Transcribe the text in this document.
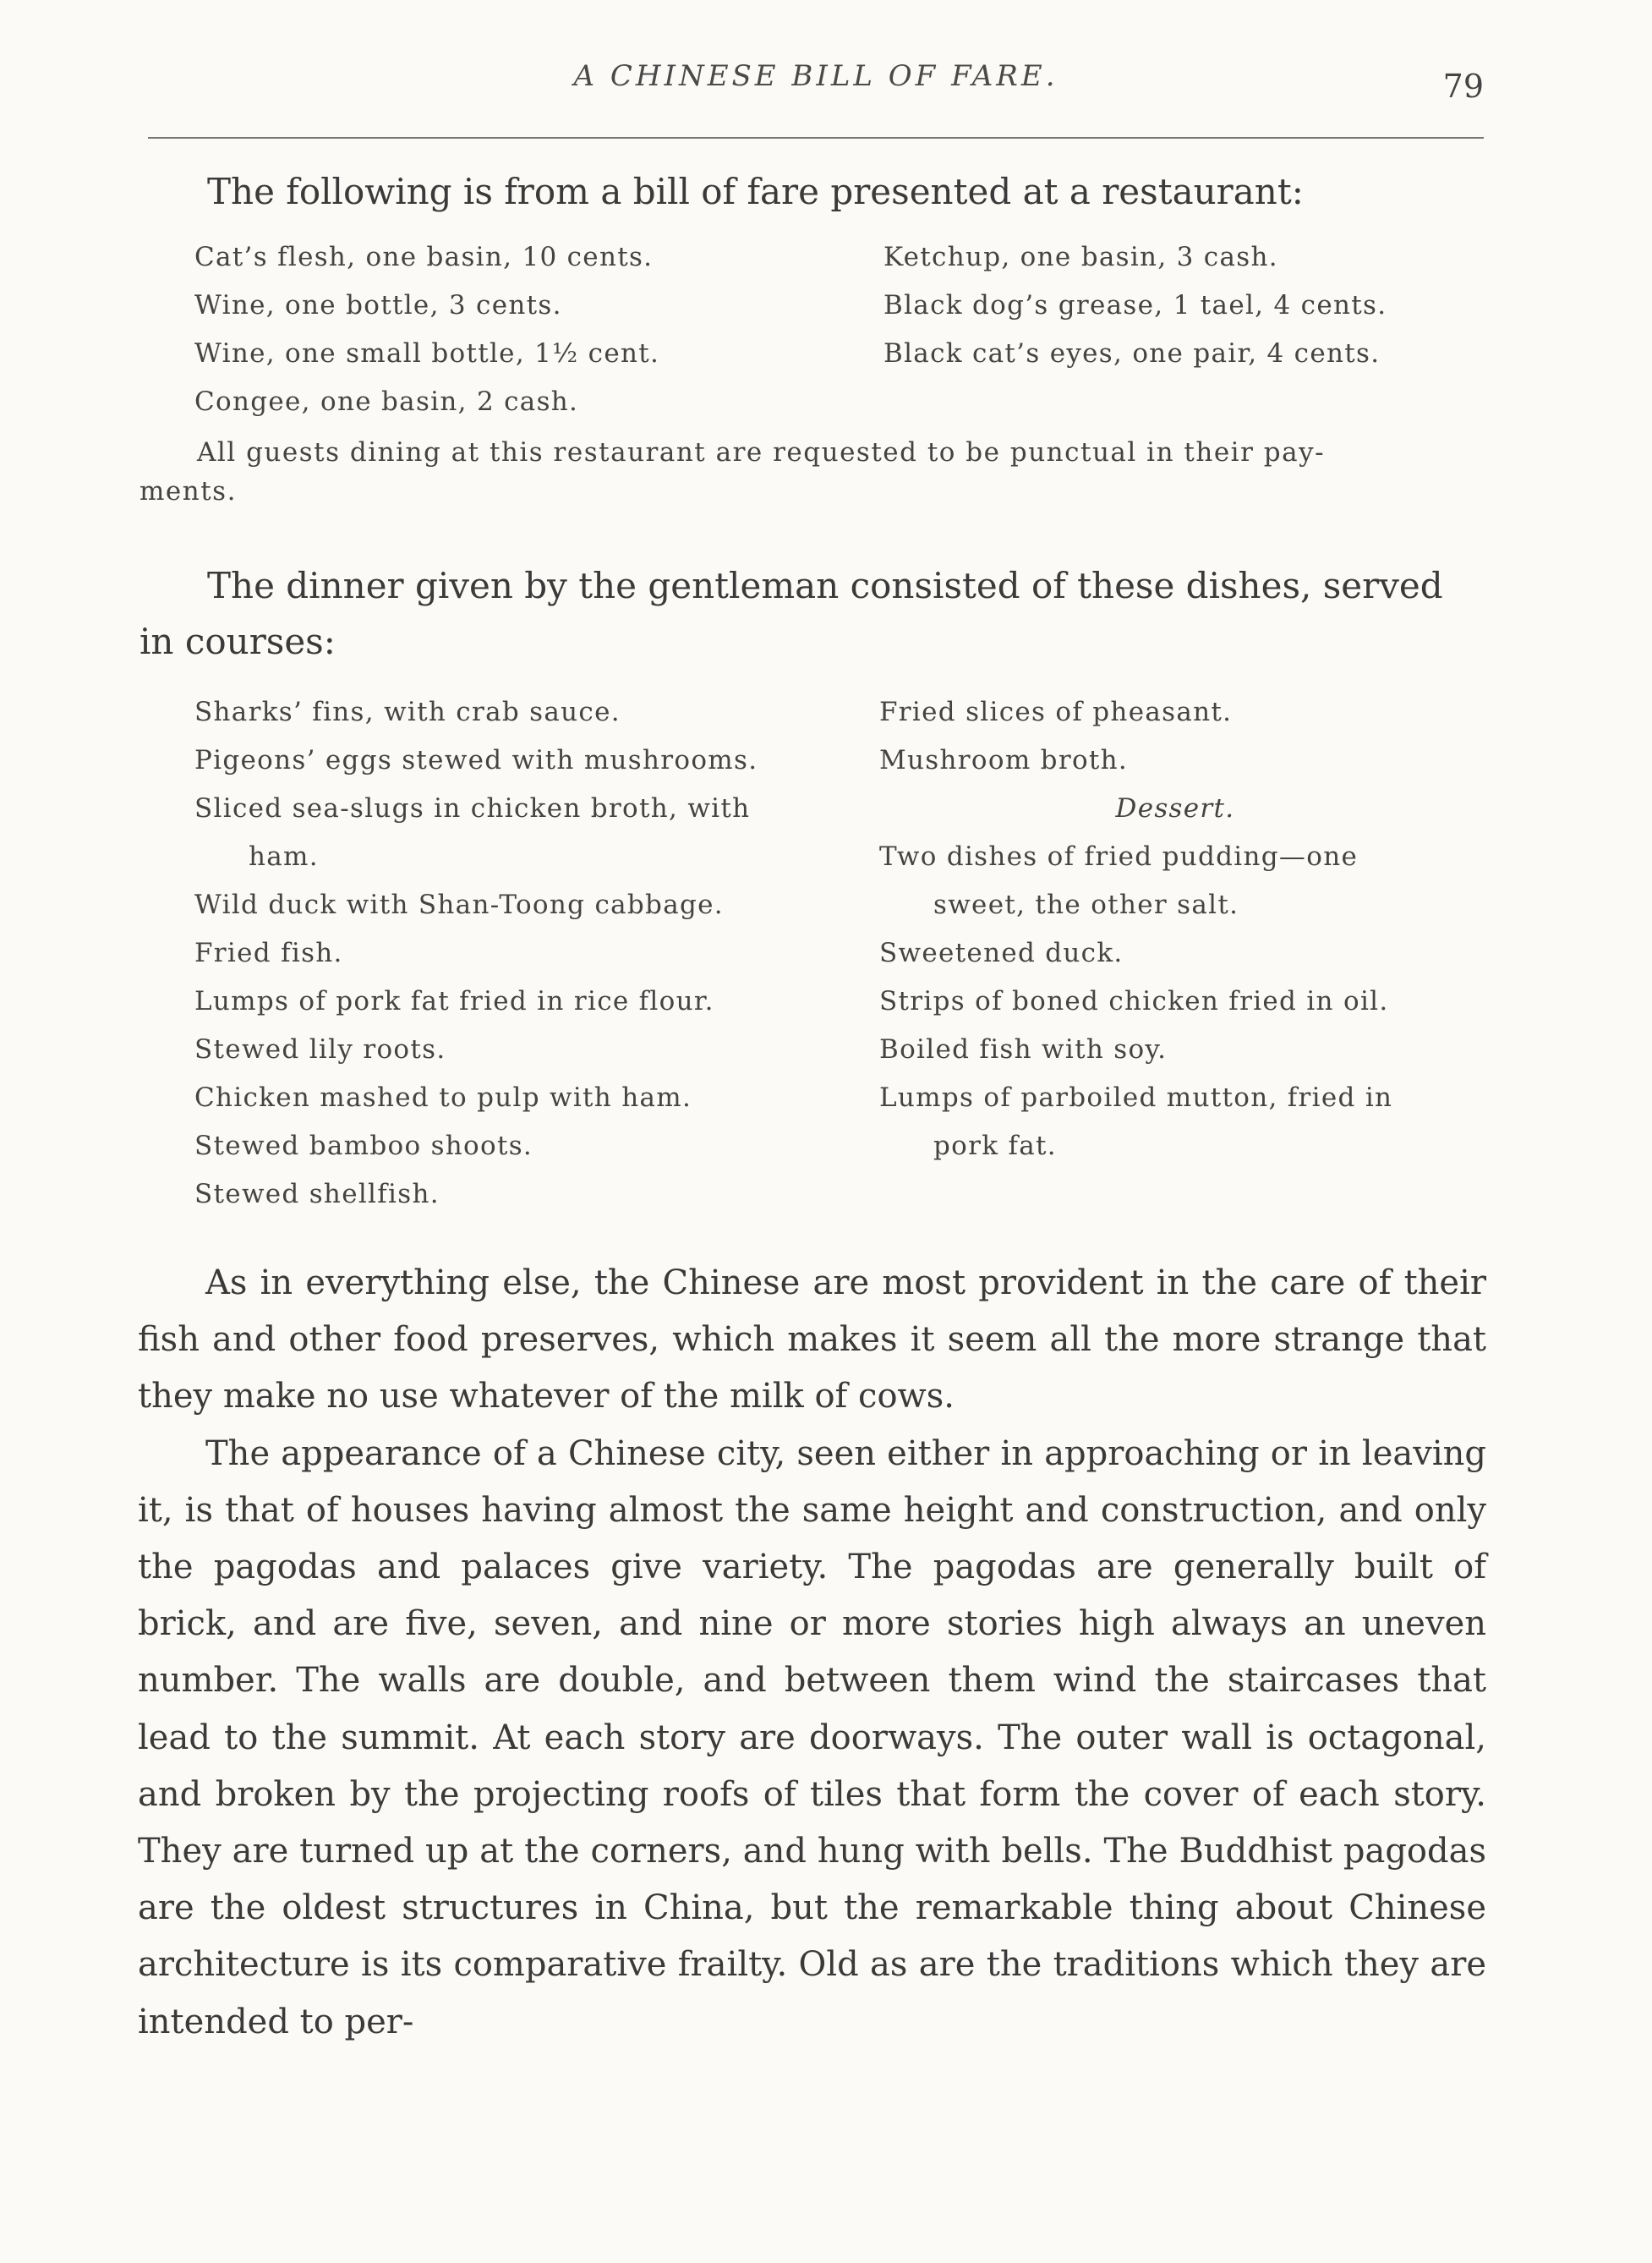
A CHINESE BILL OF FARE.	79
The following is from a bill of fare presented at a restaurant:
Cat’s flesh, one basin, 10 cents.
Wine, one bottle, 3 cents.
Wine, one small bottle, 1½ cent.
Congee, one basin, 2 cash.
Ketchup, one basin, 3 cash.
Black dog’s grease, 1 tael, 4 cents.
Black cat’s eyes, one pair, 4 cents.
All guests dining at this restaurant are requested to be punctual in their pay-
ments.
The dinner given by the gentleman consisted of these dishes, served
in courses:
Sharks’ fins, with crab sauce.
Pigeons’ eggs stewed with mushrooms.
Sliced sea-slugs in chicken broth, with
ham.
Wild duck with Shan-Toong cabbage.
Fried fish.
Lumps of pork fat fried in rice flour.
Stewed lily roots.
Chicken mashed to pulp with ham.
Stewed bamboo shoots.
Stewed shellfish.
Fried slices of pheasant.
Mushroom broth.
Dessert.
Two dishes of fried pudding—one
sweet, the other salt.
Sweetened duck.
Strips of boned chicken fried in oil.
Boiled fish with soy.
Lumps of parboiled mutton, fried in
pork fat.

As in everything else, the Chinese are most provident in the care of their fish and other food preserves, which makes it seem all the more strange that they make no use whatever of the milk of cows.

The appearance of a Chinese city, seen either in approaching or in leaving it, is that of houses having almost the same height and construction, and only the pagodas and palaces give variety. The pagodas are generally built of brick, and are five, seven, and nine or more stories high always an uneven number. The walls are double, and between them wind the staircases that lead to the summit. At each story are doorways. The outer wall is octagonal, and broken by the projecting roofs of tiles that form the cover of each story. They are turned up at the corners, and hung with bells. The Buddhist pagodas are the oldest structures in China, but the remarkable thing about Chinese architecture is its comparative frailty. Old as are the traditions which they are intended to per-
